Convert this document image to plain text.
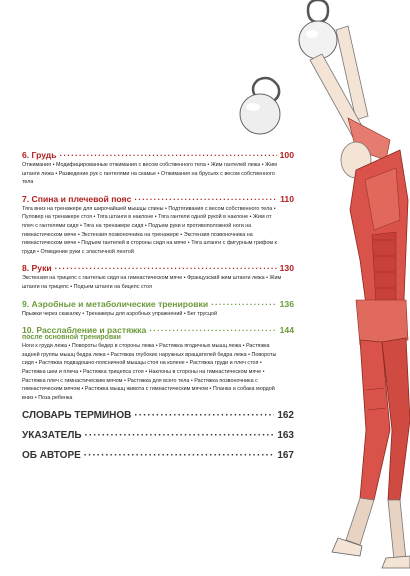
6. Грудь ·····	100
Отжимания • Модифицированные отжимания с весом собственного тела • Жим гантелей лежа • Жим штанги лежа • Разведение рук с гантелями на скамье • Отжимания на брусьях с весом собственного тела
7. Спина и плечевой пояс ·····	110
Тяга вниз на тренажере для широчайшей мышцы спины • Подтягивания с весом собственного тела • Пуловер на тренажере стоя • Тяга штанги в наклоне • Тяга гантели одной рукой в наклоне • Жим от плеч с гантелями сидя • Тяга на тренажере сидя • Подъем руки и противоположной ноги на гимнастическом мяче • Экстензия позвоночника на тренажере • Экстензия позвоночника на гимнастическом мяче • Подъем гантелей в стороны сидя на мяче • Тяга штанги с фигурным грифом к груди • Отведение руки с эластичной лентой
8. Руки ·····	130
Экстензия на трицепс с гантелью сидя на гимнастическом мяче • Французский жим штанги лежа • Жим штанги на трицепс • Подъем штанги на бицепс стоя
9. Аэробные и метаболические тренировки ·····	136
Прыжки через скакалку • Тренажеры для аэробных упражнений • Бег трусцой
10. Расслабление и растяжка ·····	144
после основной тренировки
Ноги к груди лежа • Повороты бедер в стороны лежа • Растяжка ягодичных мышц лежа • Растяжка задней группы мышц бедра лежа • Растяжка глубоких наружных вращателей бедра лежа • Повороты сидя • Растяжка подвздошно-поясничной мышцы стоя на колене • Растяжка груди и плеч стоя • Растяжка шеи и плеча • Растяжка трицепса стоя • Наклоны в стороны на гимнастическом мяче • Растяжка плеч с гимнастическим мячом • Растяжка для всего тела • Растяжка позвоночника с гимнастическим мячом • Растяжка мышц живота с гимнастическим мячом • Планка и собака мордой вниз • Поза ребенка
СЛОВАРЬ ТЕРМИНОВ ·····	162
УКАЗАТЕЛЬ ·····	163
ОБ АВТОРЕ ·····	167
